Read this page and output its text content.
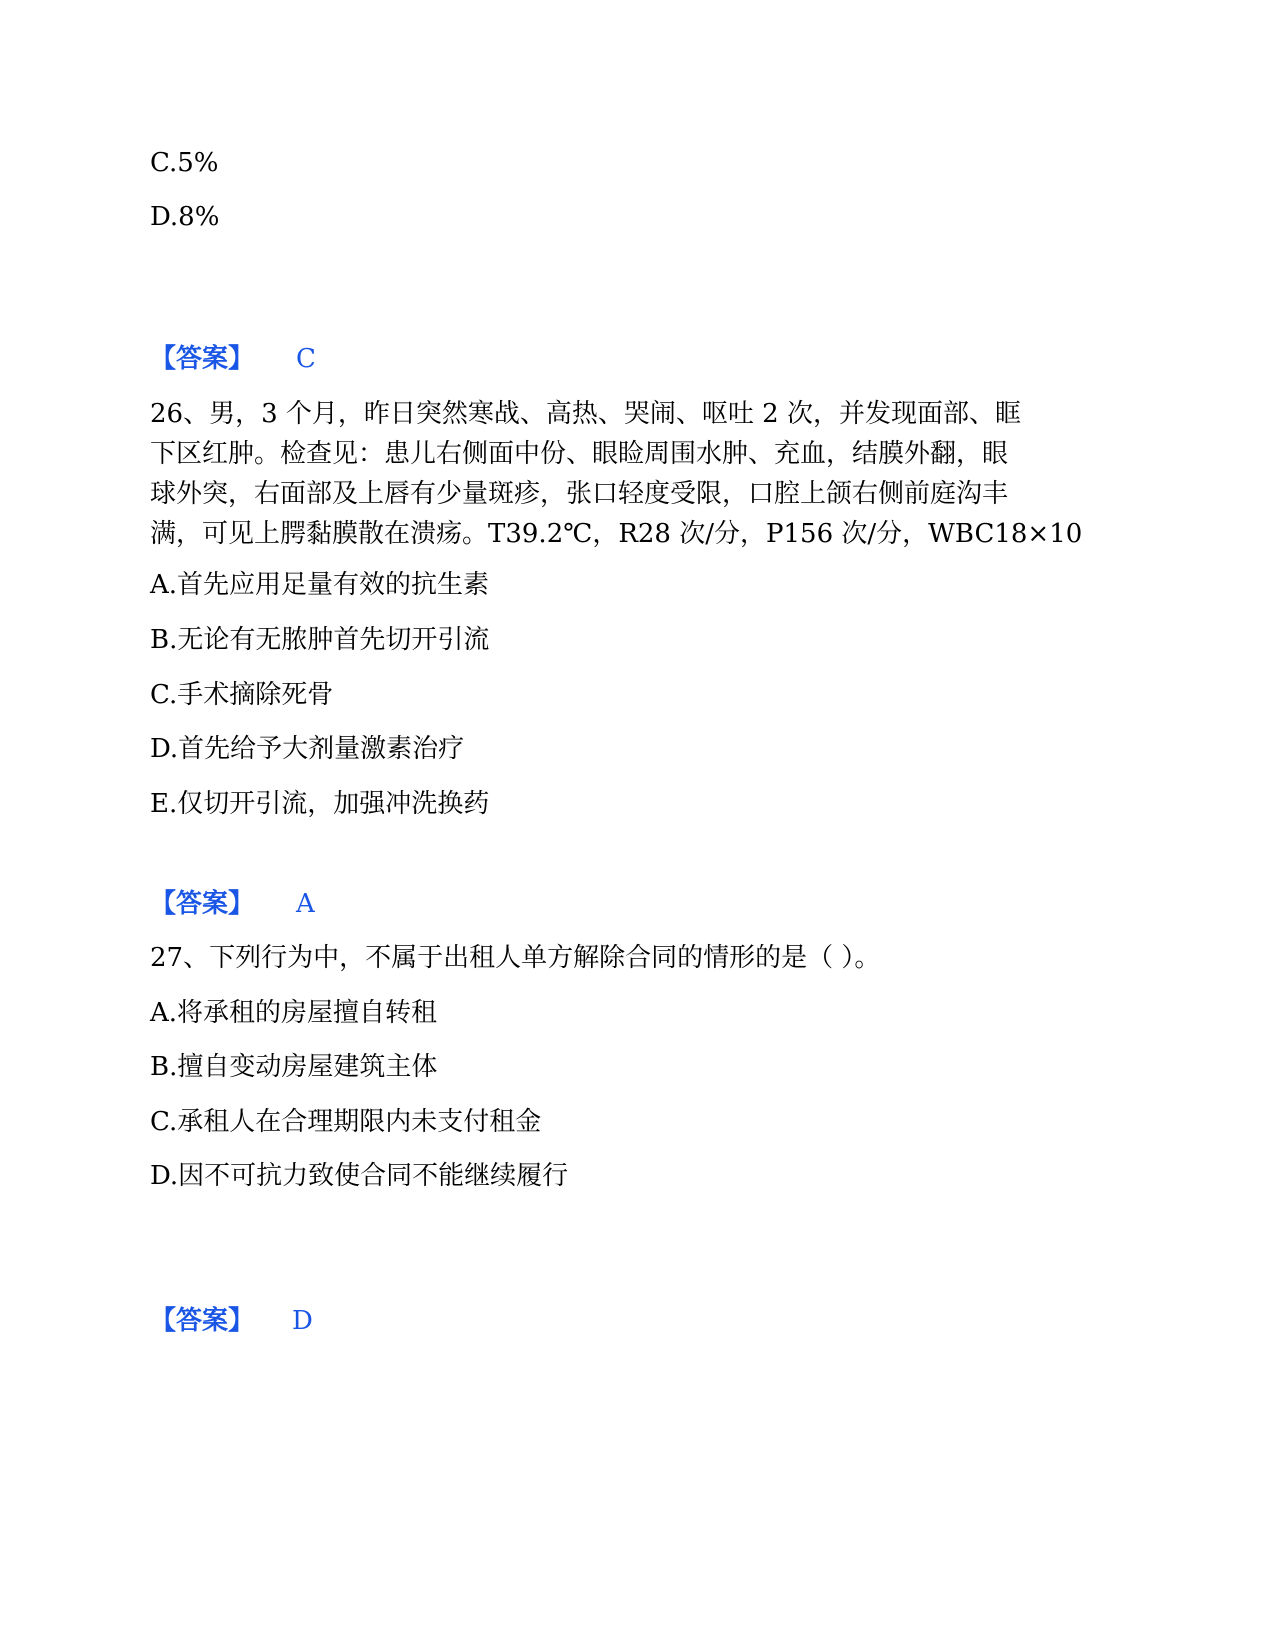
C.5%
D.8%
【答案】 C
26、男，3 个月，昨日突然寒战、高热、哭闹、呕吐 2 次，并发现面部、眶
下区红肿。检查见：患儿右侧面中份、眼睑周围水肿、充血，结膜外翻，眼
球外突，右面部及上唇有少量斑疹，张口轻度受限，口腔上颌右侧前庭沟丰
满，可见上腭黏膜散在溃疡。T39.2℃，R28 次/分，P156 次/分，WBC18×10
A.首先应用足量有效的抗生素
B.无论有无脓肿首先切开引流
C.手术摘除死骨
D.首先给予大剂量激素治疗
E.仅切开引流，加强冲洗换药
【答案】 A
27、下列行为中，不属于出租人单方解除合同的情形的是（ ）。
A.将承租的房屋擅自转租
B.擅自变动房屋建筑主体
C.承租人在合理期限内未支付租金
D.因不可抗力致使合同不能继续履行
【答案】 D
